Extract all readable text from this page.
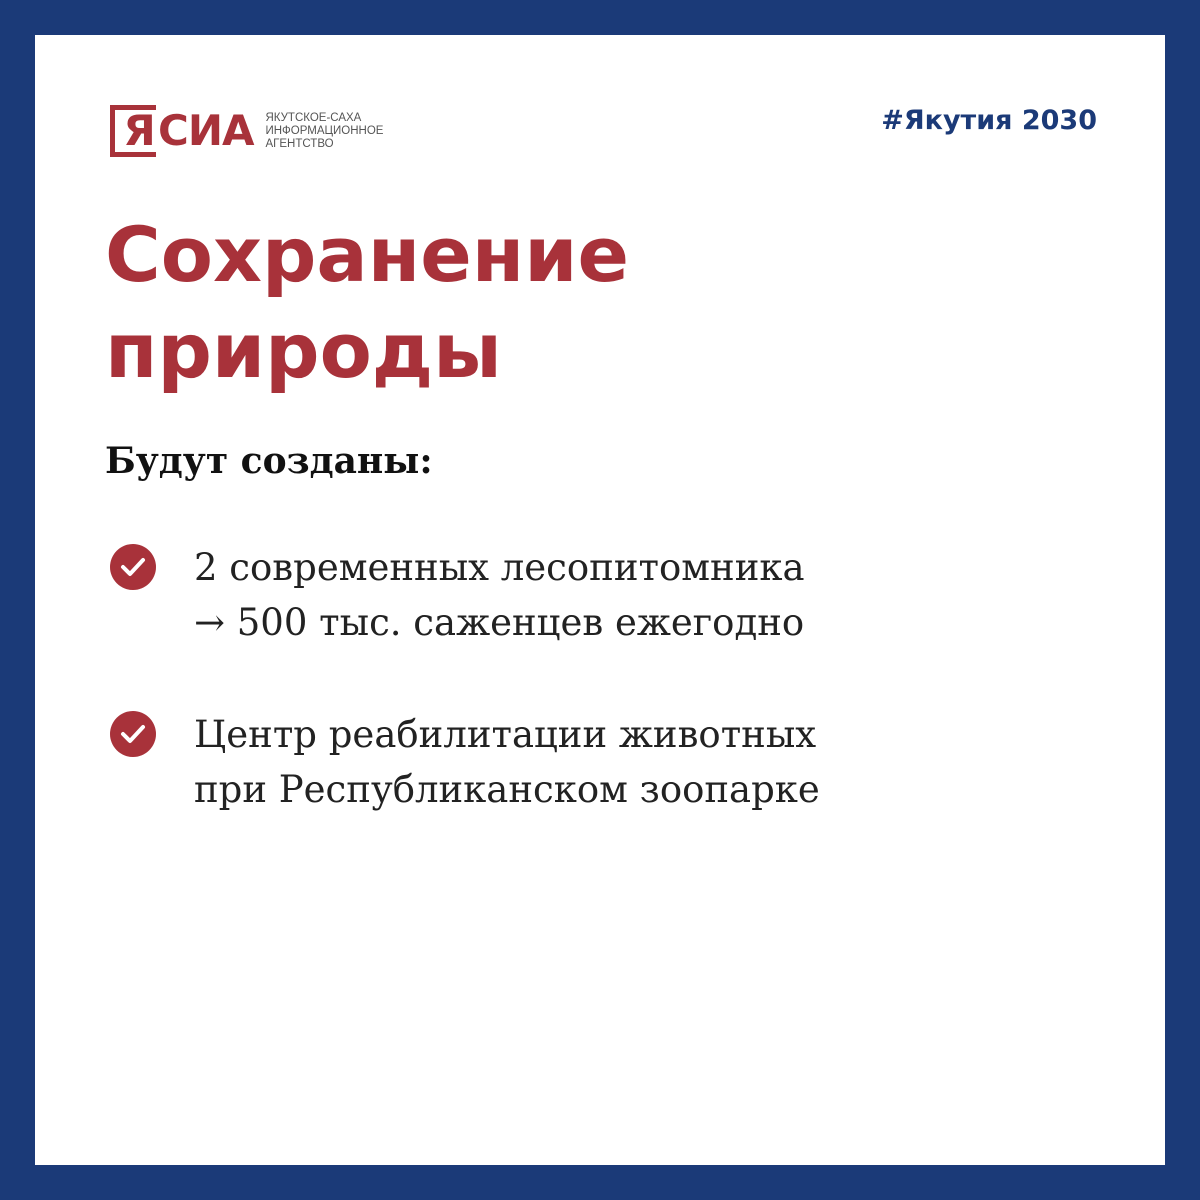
Я СИА ЯКУТСКОЕ-САХА
ИНФОРМАЦИОННОЕ
АГЕНТСТВО
#Якутия 2030
Сохранение
природы
Будут созданы:
2 современных лесопитомника
→ 500 тыс. саженцев ежегодно
Центр реабилитации животных
при Республиканском зоопарке
